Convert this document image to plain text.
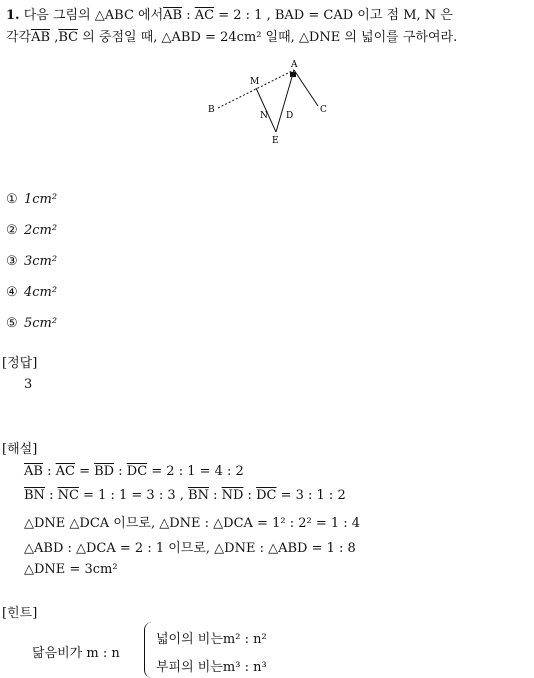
1. 다음 그림의 △ABC 에서$\overline{AB}$ : $\overline{AC} = 2$ : 1 , BAD = CAD 이고 점 M, N 은
각각$\overline{AB}$ $,\overline{BC}$ 의 중점일 때, △ABD = 24cm² 일때, △DNE 의 넓이를 구하여라.
A
B	C
D
E
M
N
① 1cm²
② 2cm²
③ 3cm²
④ 4cm²
⑤ 5cm²
[정답]
3
[해설]
$\overline{AB}$ : $\overline{AC} = \overline{BD}$ : $\overline{DC} = 2$ : 1 = 4 : 2
$\overline{BN}$ : $\overline{NC} = 1$ : 1 = 3 : 3 , $\overline{BN}$ : $\overline{ND}$ : $\overline{DC} = 3$ : 1 : 2
△DNE △DCA 이므로, △DNE : △DCA = 1² : 2² = 1 : 4
△ABD : △DCA = 2 : 1 이므로, △DNE : △ABD = 1 : 8
△DNE = 3cm²
[힌트]
닮음비가 m : n
넓이의 비는m² : n²
부피의 비는m³ : n³
